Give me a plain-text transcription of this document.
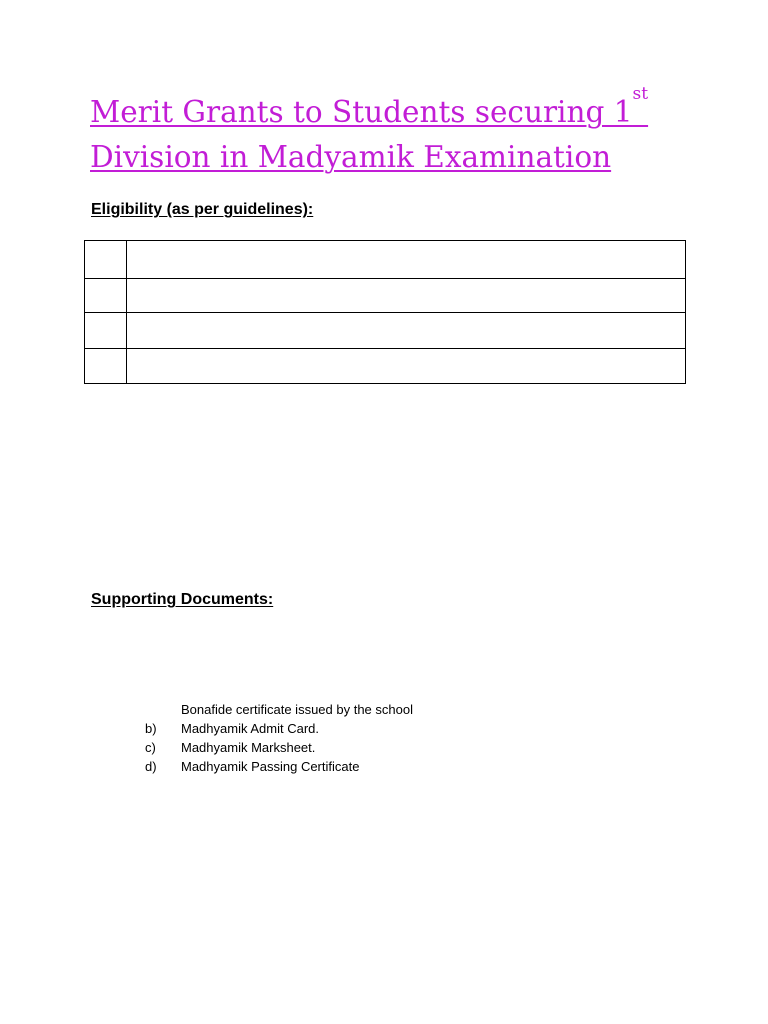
Merit Grants to Students securing 1st
Division in Madyamik Examination
Eligibility (as per guidelines):

Supporting Documents:
Bonafide certificate issued by the school
b)	Madhyamik Admit Card.
c)	Madhyamik Marksheet.
d)	Madhyamik Passing Certificate
